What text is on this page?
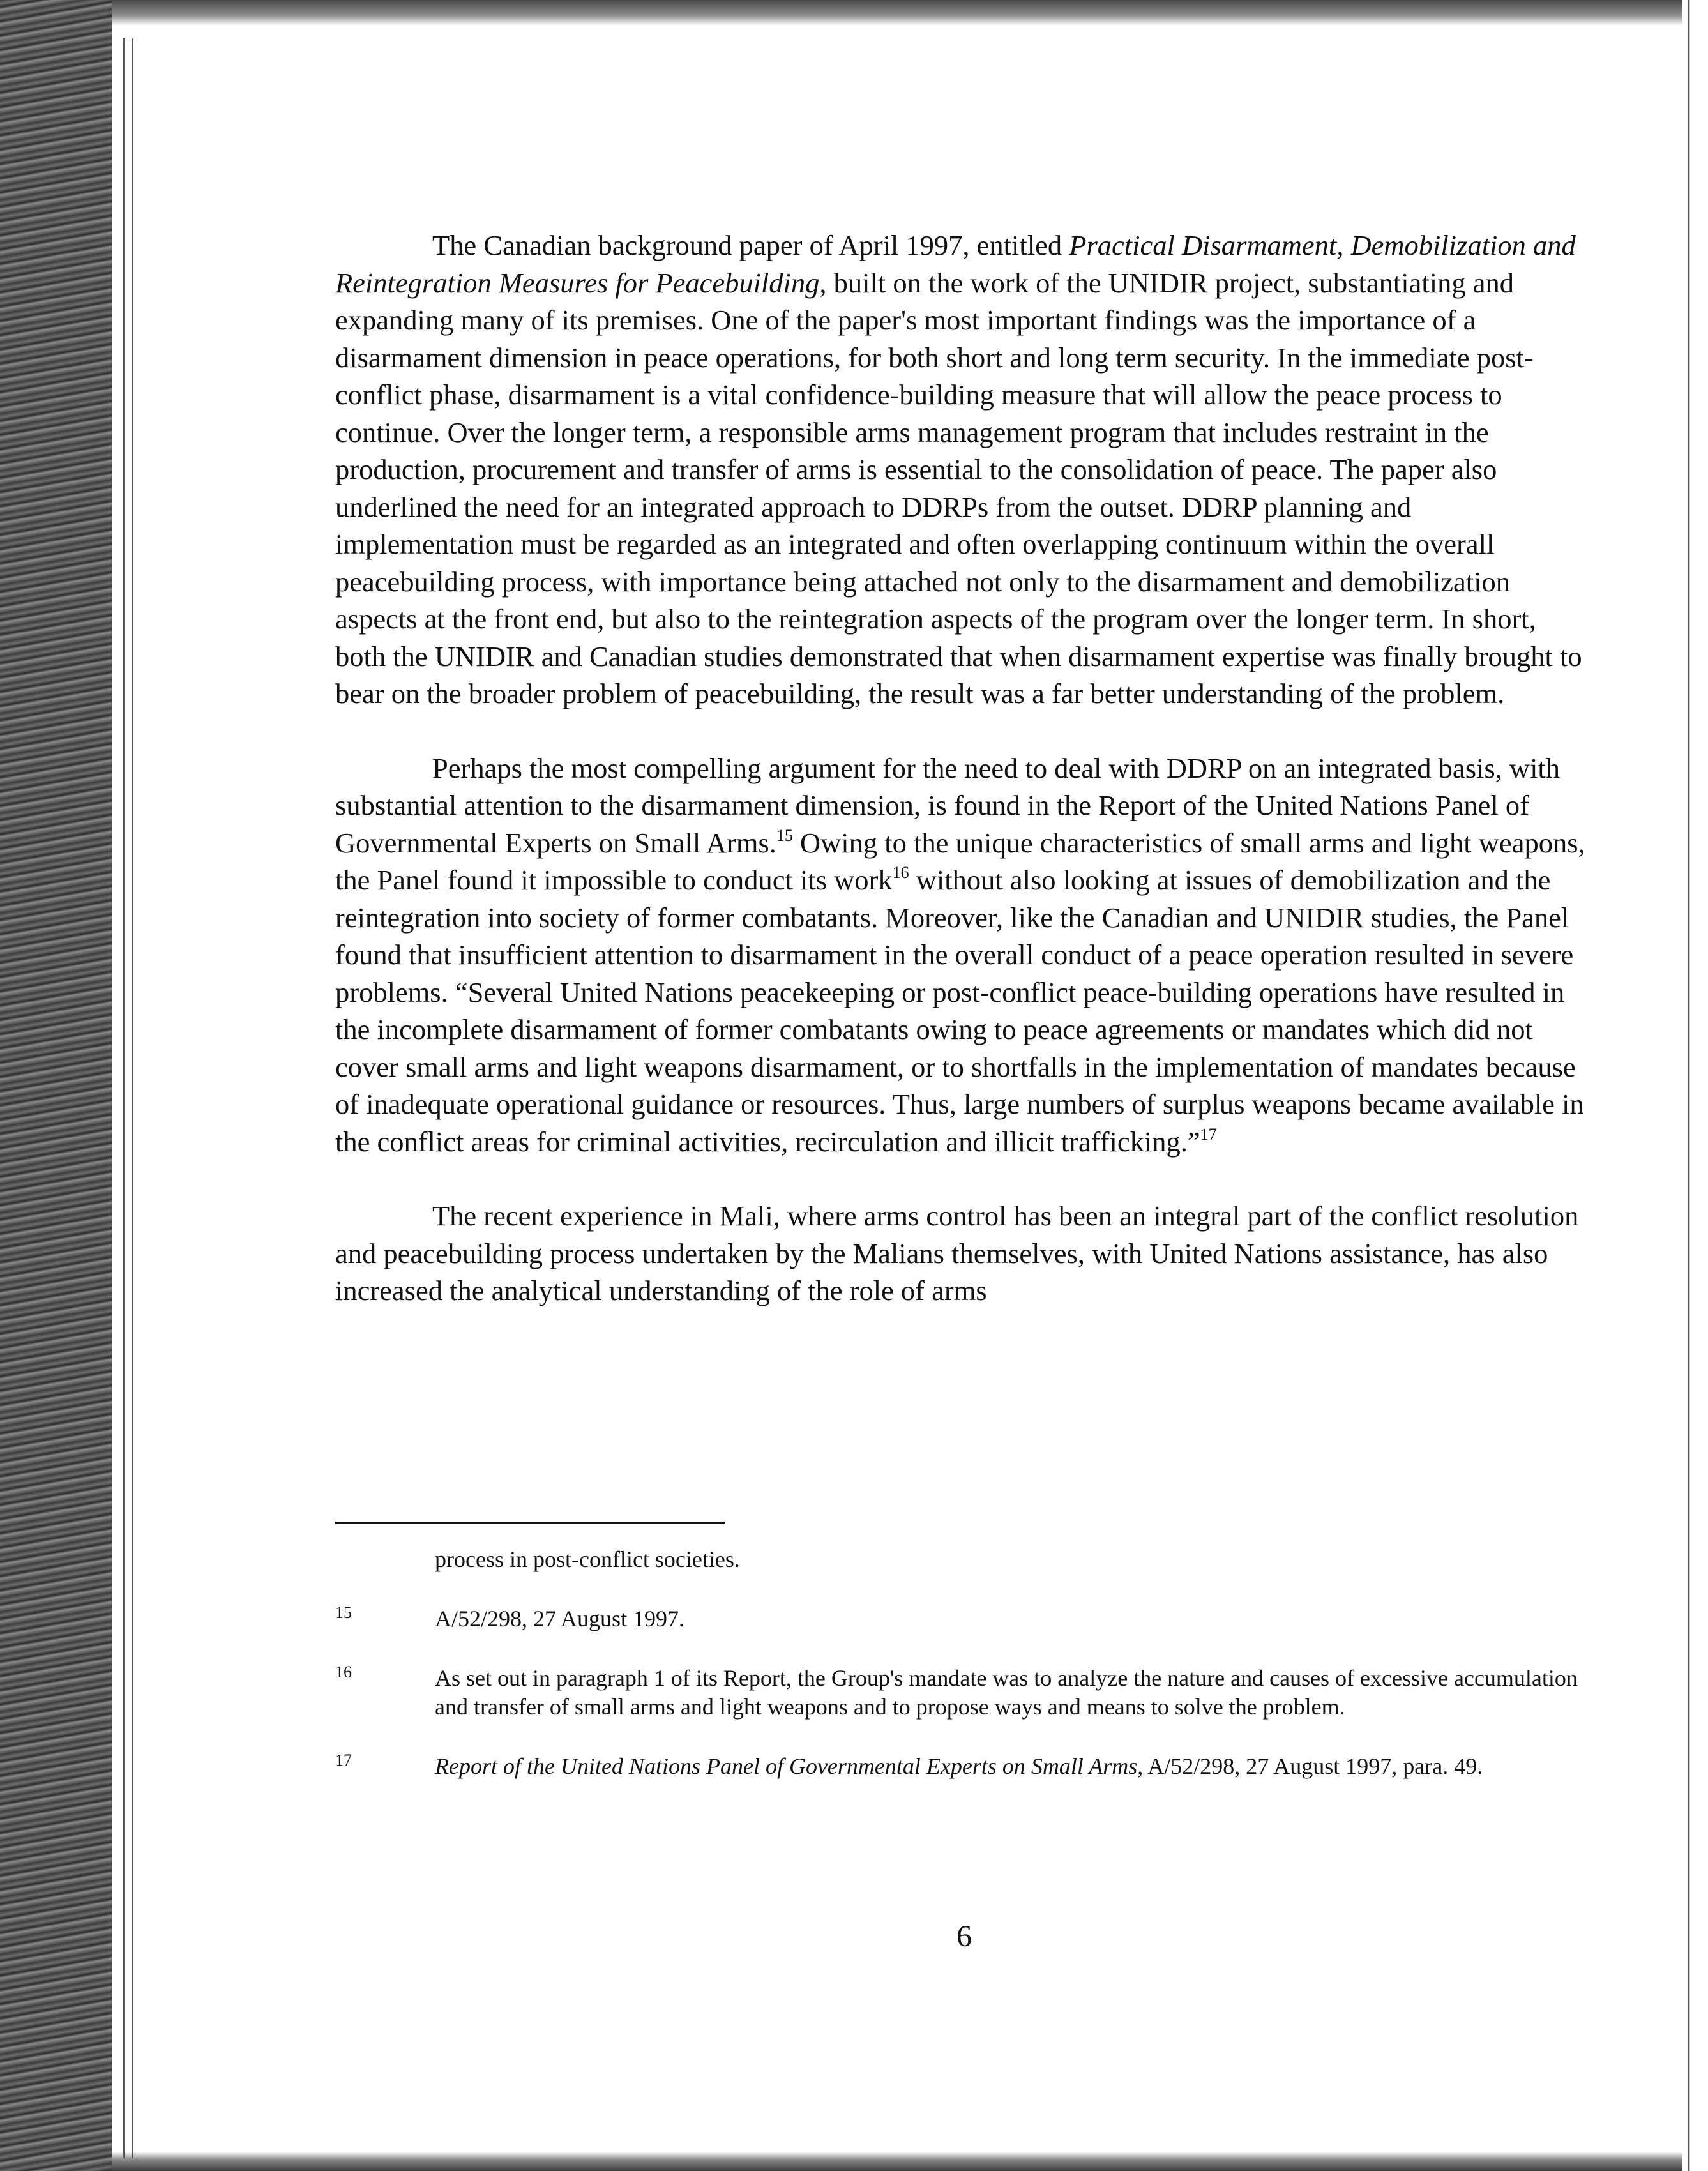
The Canadian background paper of April 1997, entitled Practical Disarmament, Demobilization and Reintegration Measures for Peacebuilding, built on the work of the UNIDIR project, substantiating and expanding many of its premises. One of the paper's most important findings was the importance of a disarmament dimension in peace operations, for both short and long term security. In the immediate post-conflict phase, disarmament is a vital confidence-building measure that will allow the peace process to continue. Over the longer term, a responsible arms management program that includes restraint in the production, procurement and transfer of arms is essential to the consolidation of peace. The paper also underlined the need for an integrated approach to DDRPs from the outset. DDRP planning and implementation must be regarded as an integrated and often overlapping continuum within the overall peacebuilding process, with importance being attached not only to the disarmament and demobilization aspects at the front end, but also to the reintegration aspects of the program over the longer term. In short, both the UNIDIR and Canadian studies demonstrated that when disarmament expertise was finally brought to bear on the broader problem of peacebuilding, the result was a far better understanding of the problem.

Perhaps the most compelling argument for the need to deal with DDRP on an integrated basis, with substantial attention to the disarmament dimension, is found in the Report of the United Nations Panel of Governmental Experts on Small Arms.$^{15}$ Owing to the unique characteristics of small arms and light weapons, the Panel found it impossible to conduct its work$^{16}$ without also looking at issues of demobilization and the reintegration into society of former combatants. Moreover, like the Canadian and UNIDIR studies, the Panel found that insufficient attention to disarmament in the overall conduct of a peace operation resulted in severe problems. “Several United Nations peacekeeping or post-conflict peace-building operations have resulted in the incomplete disarmament of former combatants owing to peace agreements or mandates which did not cover small arms and light weapons disarmament, or to shortfalls in the implementation of mandates because of inadequate operational guidance or resources. Thus, large numbers of surplus weapons became available in the conflict areas for criminal activities, recirculation and illicit trafficking.”$^{17}$

The recent experience in Mali, where arms control has been an integral part of the conflict resolution and peacebuilding process undertaken by the Malians themselves, with United Nations assistance, has also increased the analytical understanding of the role of arms

process in post-conflict societies.
15	A/52/298, 27 August 1997.
16	As set out in paragraph 1 of its Report, the Group's mandate was to analyze the nature and causes of excessive accumulation and transfer of small arms and light weapons and to propose ways and means to solve the problem.
17	Report of the United Nations Panel of Governmental Experts on Small Arms, A/52/298, 27 August 1997, para. 49.
6
